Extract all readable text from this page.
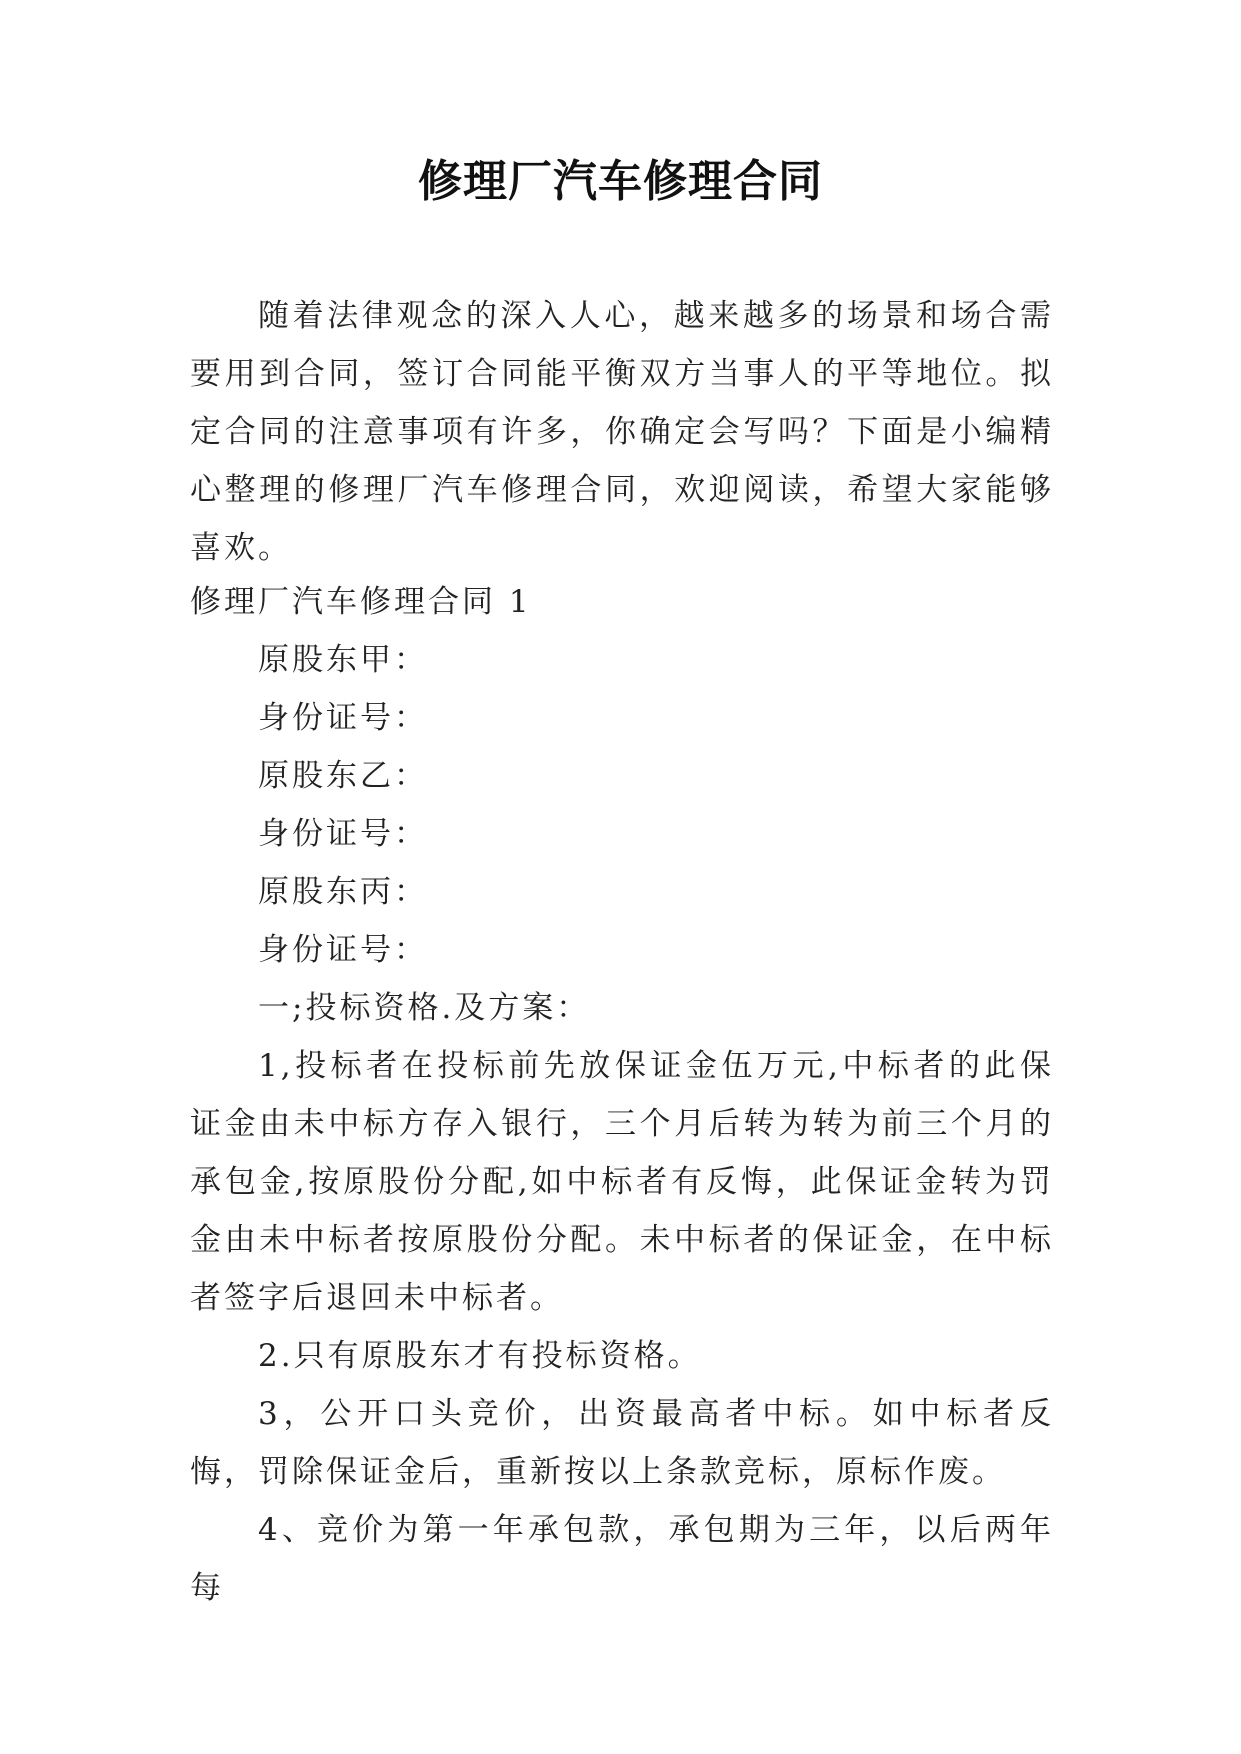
修理厂汽车修理合同

随着法律观念的深入人心，越来越多的场景和场合需要用到合同，签订合同能平衡双方当事人的平等地位。拟定合同的注意事项有许多，你确定会写吗？下面是小编精心整理的修理厂汽车修理合同，欢迎阅读，希望大家能够喜欢。

修理厂汽车修理合同 1

原股东甲：

身份证号：

原股东乙：

身份证号：

原股东丙：

身份证号：

一;投标资格.及方案：

1,投标者在投标前先放保证金伍万元,中标者的此保证金由未中标方存入银行，三个月后转为转为前三个月的承包金,按原股份分配,如中标者有反悔，此保证金转为罚金由未中标者按原股份分配。未中标者的保证金，在中标者签字后退回未中标者。

2.只有原股东才有投标资格。

3，公开口头竞价，出资最高者中标。如中标者反悔，罚除保证金后，重新按以上条款竞标，原标作废。

4、竞价为第一年承包款，承包期为三年，以后两年每
